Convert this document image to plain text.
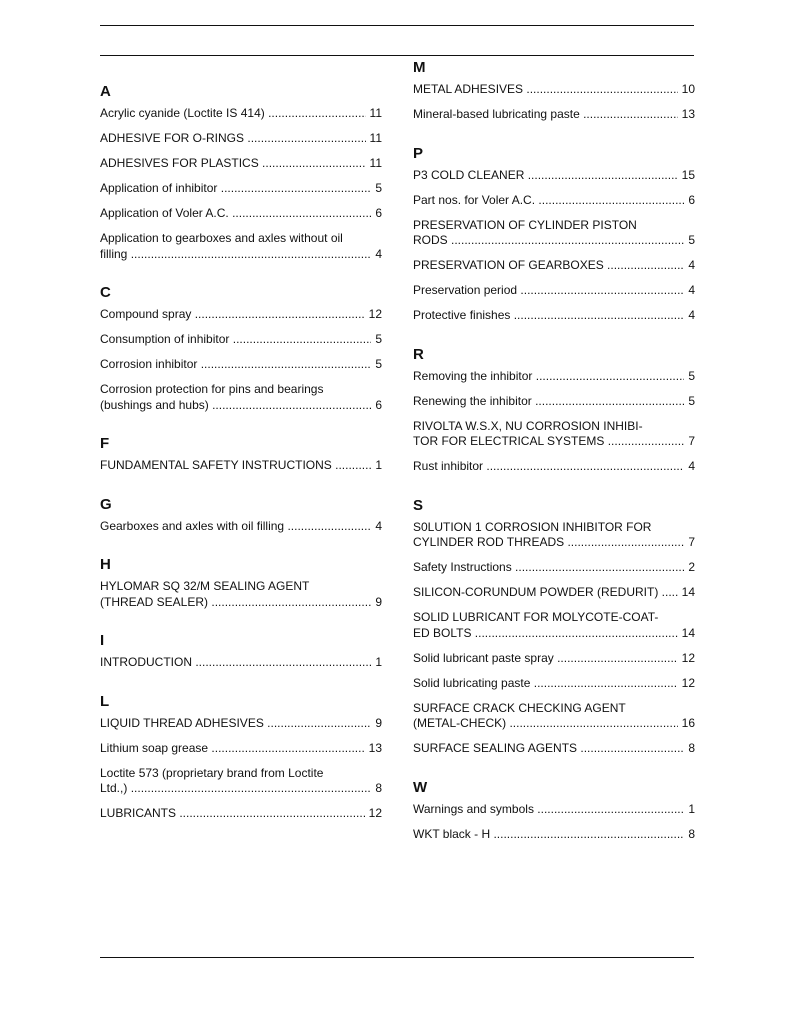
A
Acrylic cyanide (Loctite IS 414) .....	11
ADHESIVE FOR O-RINGS .....	11
ADHESIVES FOR PLASTICS .....	11
Application of inhibitor .....	5
Application of Voler A.C. .....	6
Application to gearboxes and axles without oil
filling .....	4
C
Compound spray .....	12
Consumption of inhibitor .....	5
Corrosion inhibitor .....	5
Corrosion protection for pins and bearings
(bushings and hubs) .....	6
F
FUNDAMENTAL SAFETY INSTRUCTIONS .....	1
G
Gearboxes and axles with oil filling .....	4
H
HYLOMAR SQ 32/M SEALING AGENT
(THREAD SEALER) .....	9
I
INTRODUCTION .....	1
L
LIQUID THREAD ADHESIVES .....	9
Lithium soap grease .....	13
Loctite 573 (proprietary brand from Loctite
Ltd.,) .....	8
LUBRICANTS .....	12
M
METAL ADHESIVES .....	10
Mineral-based lubricating paste .....	13
P
P3 COLD CLEANER .....	15
Part nos. for Voler A.C. .....	6
PRESERVATION OF CYLINDER PISTON
RODS .....	5
PRESERVATION OF GEARBOXES .....	4
Preservation period .....	4
Protective finishes .....	4
R
Removing the inhibitor .....	5
Renewing the inhibitor .....	5
RIVOLTA W.S.X, NU CORROSION INHIBI-
TOR FOR ELECTRICAL SYSTEMS .....	7
Rust inhibitor .....	4
S
S0LUTION 1 CORROSION INHIBITOR FOR
CYLINDER ROD THREADS .....	7
Safety Instructions .....	2
SILICON-CORUNDUM POWDER (REDURIT) .....	14
SOLID LUBRICANT FOR MOLYCOTE-COAT-
ED BOLTS .....	14
Solid lubricant paste spray .....	12
Solid lubricating paste .....	12
SURFACE CRACK CHECKING AGENT
(METAL-CHECK) .....	16
SURFACE SEALING AGENTS .....	8
W
Warnings and symbols .....	1
WKT black - H .....	8
